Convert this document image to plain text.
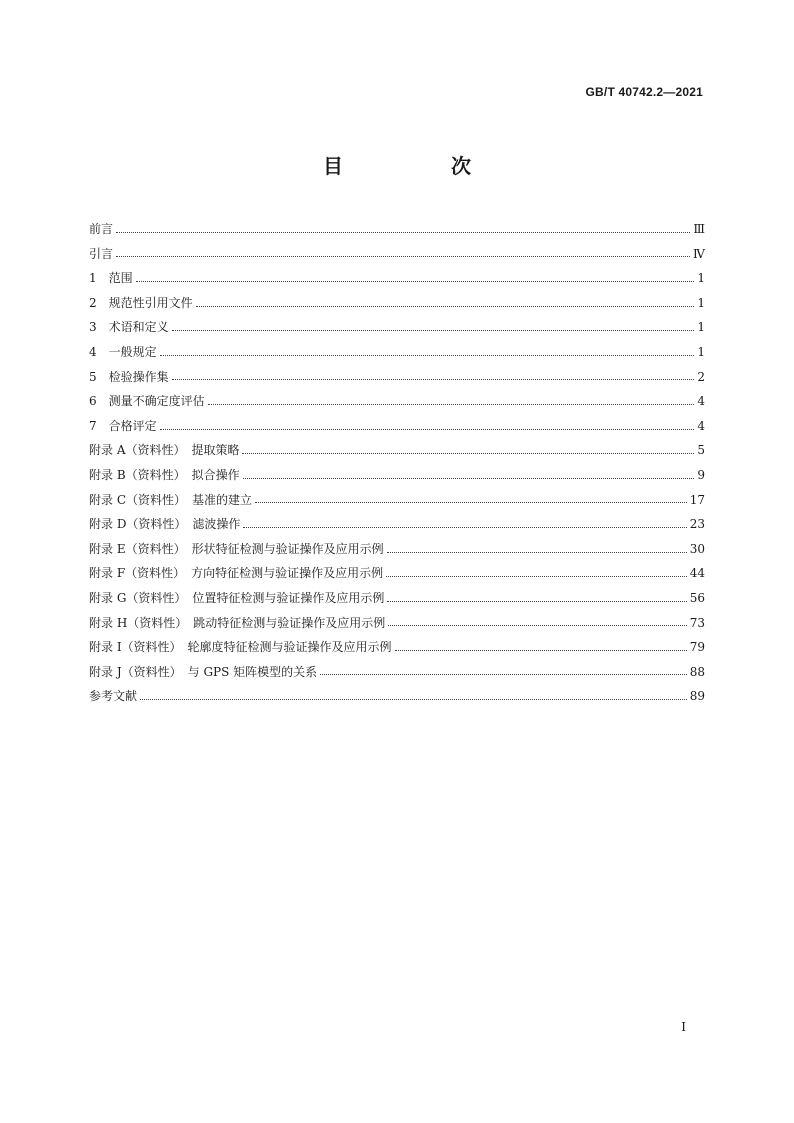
GB/T 40742.2—2021
目　次
前言	Ⅲ
引言	Ⅳ
1　范围	1
2　规范性引用文件	1
3　术语和定义	1
4　一般规定	1
5　检验操作集	2
6　测量不确定度评估	4
7　合格评定	4
附录 A（资料性）　提取策略	5
附录 B（资料性）　拟合操作	9
附录 C（资料性）　基准的建立	17
附录 D（资料性）　滤波操作	23
附录 E（资料性）　形状特征检测与验证操作及应用示例	30
附录 F（资料性）　方向特征检测与验证操作及应用示例	44
附录 G（资料性）　位置特征检测与验证操作及应用示例	56
附录 H（资料性）　跳动特征检测与验证操作及应用示例	73
附录 I（资料性）　轮廓度特征检测与验证操作及应用示例	79
附录 J（资料性）　与 GPS 矩阵模型的关系	88
参考文献	89
I
